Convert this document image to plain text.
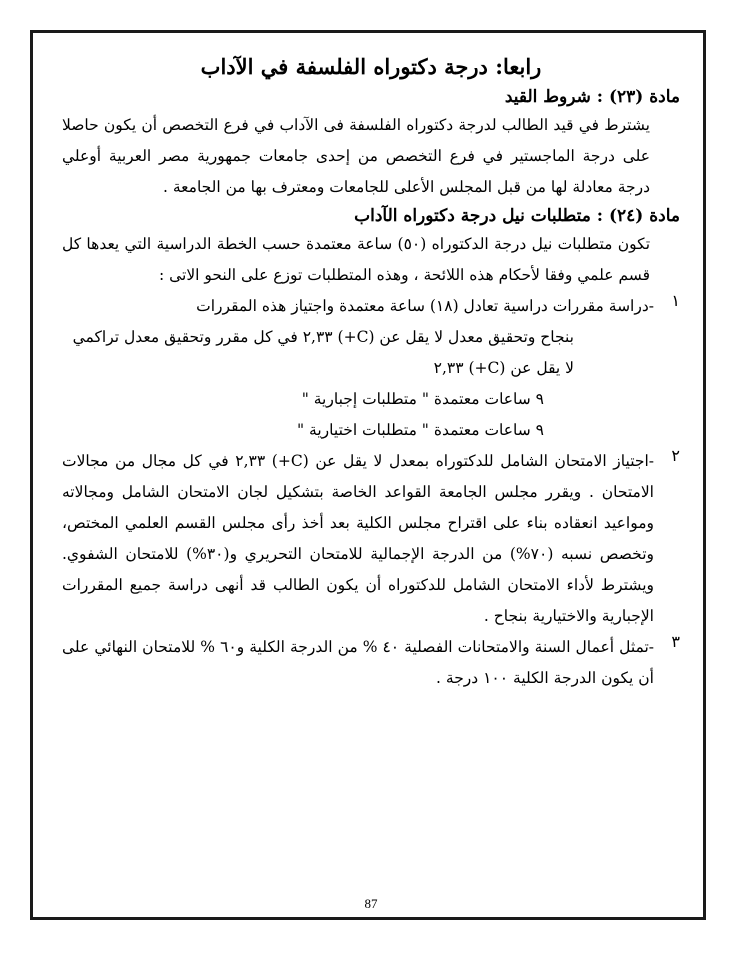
رابعا: درجة دكتوراه الفلسفة في الآداب
مادة (٢٣) : شروط القيد

يشترط في قيد الطالب لدرجة دكتوراه الفلسفة فى الآداب في فرع التخصص أن يكون حاصلا على درجة الماجستير في فرع التخصص من إحدى جامعات جمهورية مصر العربية أوعلي درجة معادلة لها من قبل المجلس الأعلى للجامعات ومعترف بها من الجامعة .

مادة (٢٤) : متطلبات نيل درجة دكتوراه الآداب

تكون متطلبات نيل درجة الدكتوراه (٥٠) ساعة معتمدة حسب الخطة الدراسية التي يعدها كل قسم علمي وفقا لأحكام هذه اللائحة ، وهذه المتطلبات توزع على النحو الاتى :

١
-دراسة مقررات دراسية تعادل (١٨) ساعة معتمدة واجتياز هذه المقررات
بنجاح وتحقيق معدل لا يقل عن (C+) ٢,٣٣ في كل مقرر وتحقيق معدل تراكمي
لا يقل عن (C+) ٢,٣٣
٩ ساعات معتمدة " متطلبات إجبارية "
٩ ساعات معتمدة " متطلبات اختيارية "
٢

-اجتياز الامتحان الشامل للدكتوراه بمعدل لا يقل عن (C+) ٢,٣٣ في كل مجال من مجالات الامتحان . ويقرر مجلس الجامعة القواعد الخاصة بتشكيل لجان الامتحان الشامل ومجالاته ومواعيد انعقاده بناء على اقتراح مجلس الكلية بعد أخذ رأى مجلس القسم العلمي المختص، وتخصص نسبه (٧٠%) من الدرجة الإجمالية للامتحان التحريري و(٣٠%) للامتحان الشفوي. ويشترط لأداء الامتحان الشامل للدكتوراه أن يكون الطالب قد أنهى دراسة جميع المقررات الإجبارية والاختيارية بنجاح .

٣

-تمثل أعمال السنة والامتحانات الفصلية ٤٠ % من الدرجة الكلية و٦٠ % للامتحان النهائي على أن يكون الدرجة الكلية ١٠٠ درجة .

87
